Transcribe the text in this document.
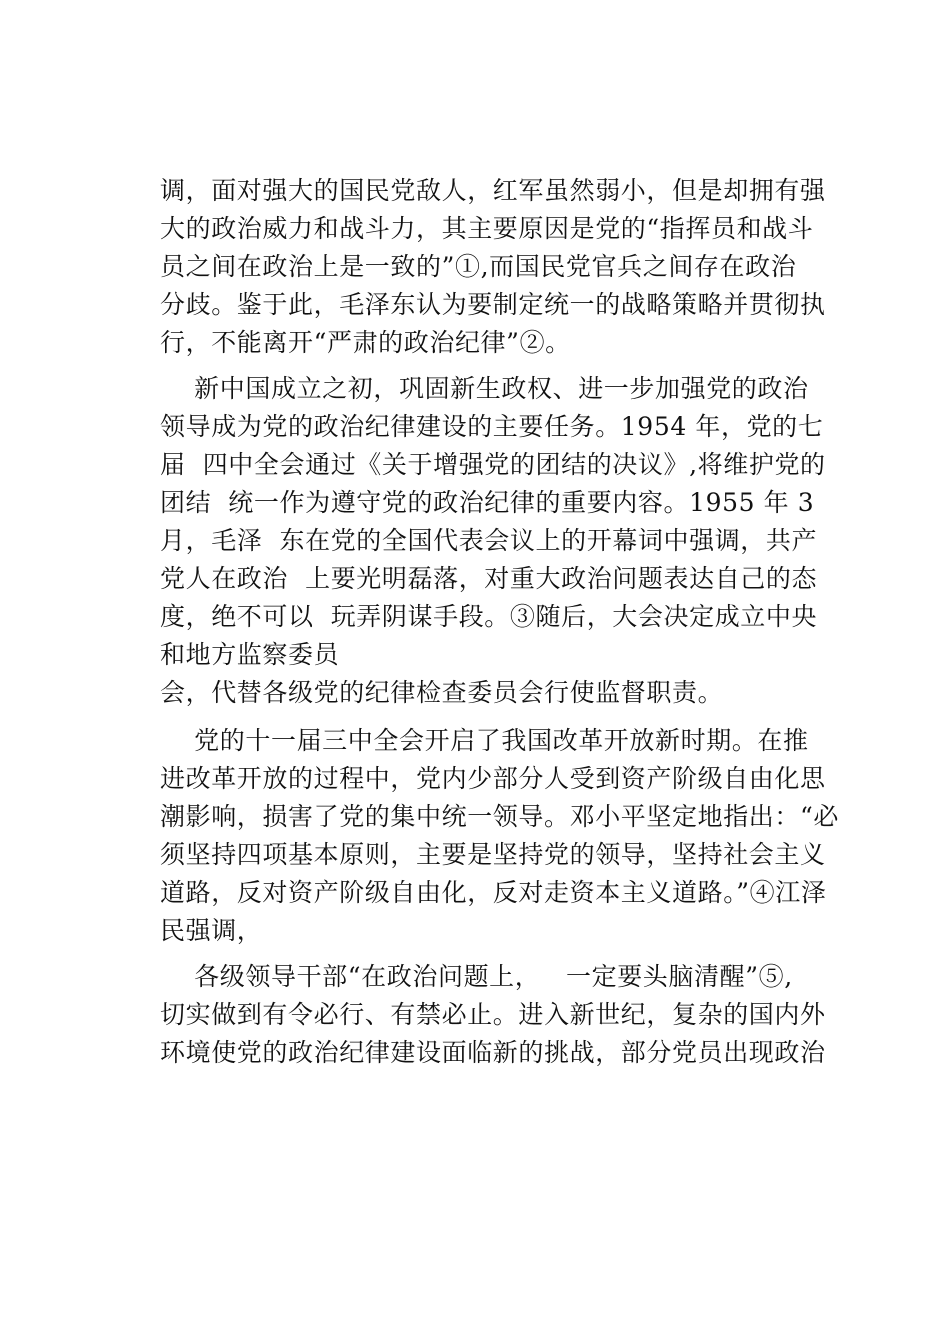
调，面对强大的国民党敌人，红军虽然弱小，但是却拥有强
大的政治威力和战斗力，其主要原因是党的“指挥员和战斗
员之间在政治上是一致的”①,而国民党官兵之间存在政治
分歧。鉴于此，毛泽东认为要制定统一的战略策略并贯彻执
行，不能离开“严肃的政治纪律”②。
新中国成立之初，巩固新生政权、进一步加强党的政治
领导成为党的政治纪律建设的主要任务。1954 年，党的七
届  四中全会通过《关于增强党的团结的决议》,将维护党的
团结  统一作为遵守党的政治纪律的重要内容。1955 年 3
月，毛泽  东在党的全国代表会议上的开幕词中强调，共产
党人在政治  上要光明磊落，对重大政治问题表达自己的态
度，绝不可以  玩弄阴谋手段。③随后，大会决定成立中央
和地方监察委员
会，代替各级党的纪律检查委员会行使监督职责。
党的十一届三中全会开启了我国改革开放新时期。在推
进改革开放的过程中，党内少部分人受到资产阶级自由化思
潮影响，损害了党的集中统一领导。邓小平坚定地指出：“必
须坚持四项基本原则，主要是坚持党的领导，坚持社会主义
道路，反对资产阶级自由化，反对走资本主义道路。”④江泽
民强调，
各级领导干部“在政治问题上，   一定要头脑清醒”⑤,
切实做到有令必行、有禁必止。进入新世纪，复杂的国内外
环境使党的政治纪律建设面临新的挑战，部分党员出现政治
